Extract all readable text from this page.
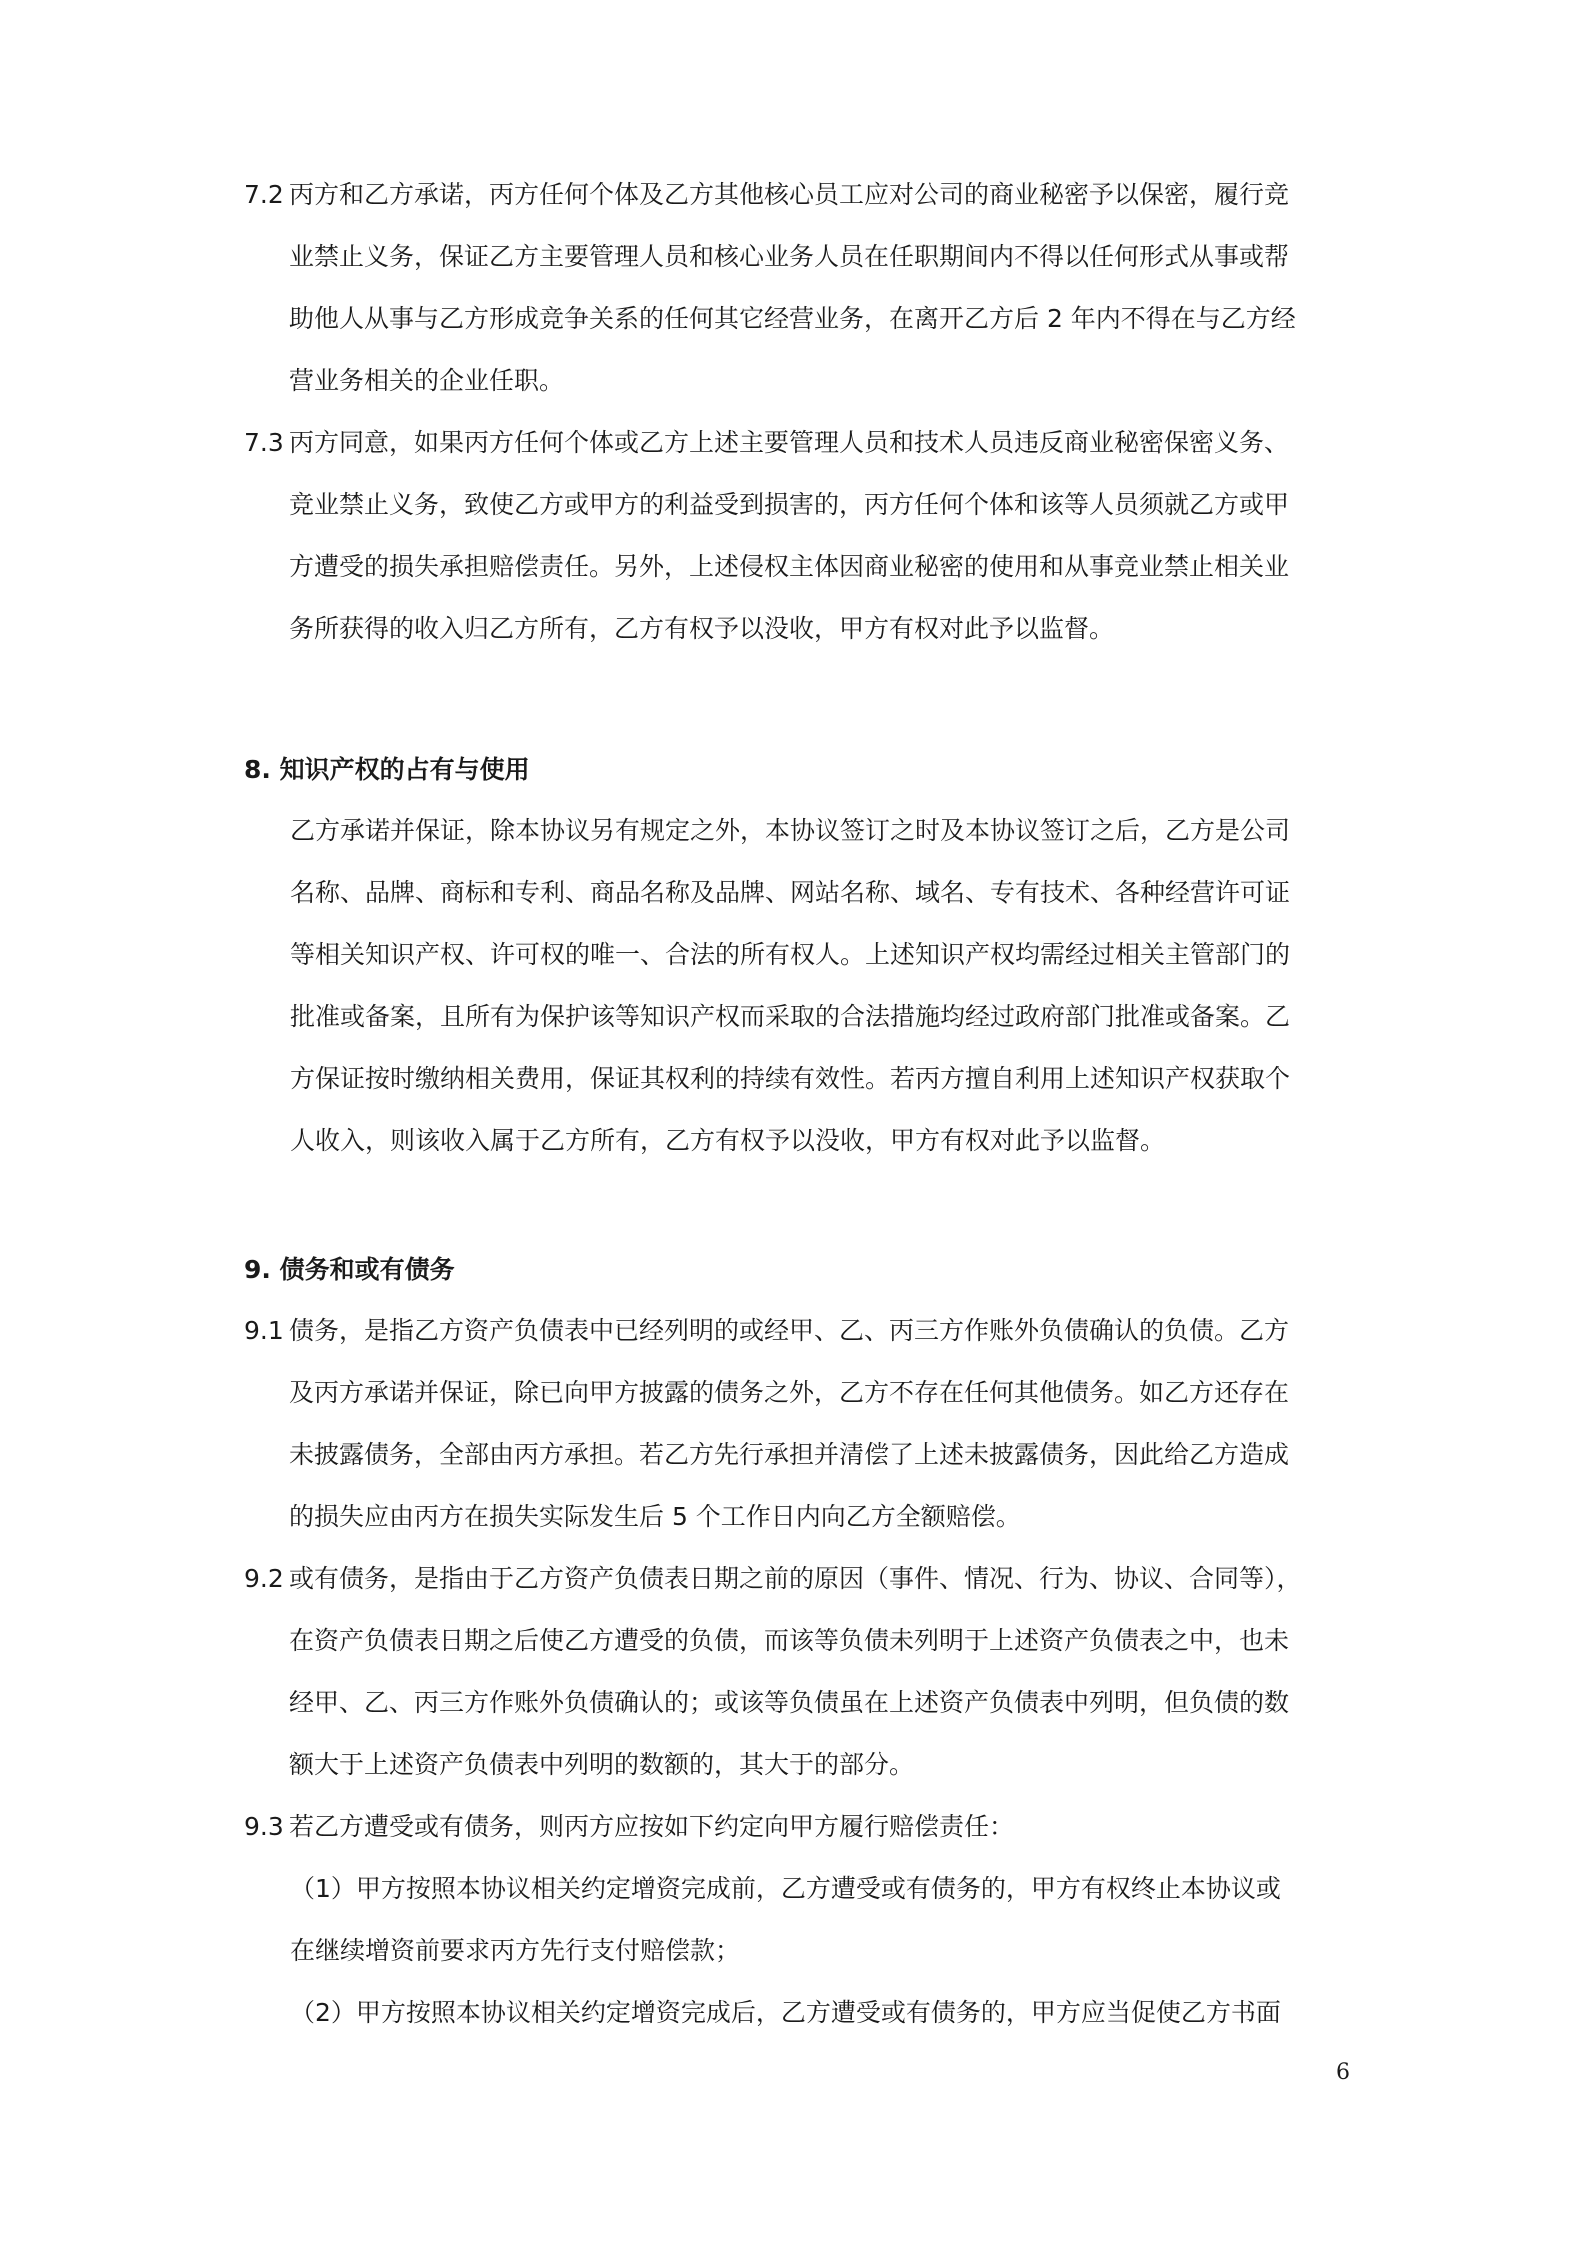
7.2 丙方和乙方承诺，丙方任何个体及乙方其他核心员工应对公司的商业秘密予以保密，履行竞
业禁止义务，保证乙方主要管理人员和核心业务人员在任职期间内不得以任何形式从事或帮
助他人从事与乙方形成竞争关系的任何其它经营业务，在离开乙方后 2 年内不得在与乙方经
营业务相关的企业任职。
7.3 丙方同意，如果丙方任何个体或乙方上述主要管理人员和技术人员违反商业秘密保密义务、
竞业禁止义务，致使乙方或甲方的利益受到损害的，丙方任何个体和该等人员须就乙方或甲
方遭受的损失承担赔偿责任。另外，上述侵权主体因商业秘密的使用和从事竞业禁止相关业
务所获得的收入归乙方所有，乙方有权予以没收，甲方有权对此予以监督。
8. 知识产权的占有与使用
乙方承诺并保证，除本协议另有规定之外，本协议签订之时及本协议签订之后，乙方是公司
名称、品牌、商标和专利、商品名称及品牌、网站名称、域名、专有技术、各种经营许可证
等相关知识产权、许可权的唯一、合法的所有权人。上述知识产权均需经过相关主管部门的
批准或备案，且所有为保护该等知识产权而采取的合法措施均经过政府部门批准或备案。乙
方保证按时缴纳相关费用，保证其权利的持续有效性。若丙方擅自利用上述知识产权获取个
人收入，则该收入属于乙方所有，乙方有权予以没收，甲方有权对此予以监督。
9. 债务和或有债务
9.1 债务，是指乙方资产负债表中已经列明的或经甲、乙、丙三方作账外负债确认的负债。乙方
及丙方承诺并保证，除已向甲方披露的债务之外，乙方不存在任何其他债务。如乙方还存在
未披露债务，全部由丙方承担。若乙方先行承担并清偿了上述未披露债务，因此给乙方造成
的损失应由丙方在损失实际发生后 5 个工作日内向乙方全额赔偿。
9.2 或有债务，是指由于乙方资产负债表日期之前的原因（事件、情况、行为、协议、合同等），
在资产负债表日期之后使乙方遭受的负债，而该等负债未列明于上述资产负债表之中，也未
经甲、乙、丙三方作账外负债确认的；或该等负债虽在上述资产负债表中列明，但负债的数
额大于上述资产负债表中列明的数额的，其大于的部分。
9.3 若乙方遭受或有债务，则丙方应按如下约定向甲方履行赔偿责任：
（1）甲方按照本协议相关约定增资完成前，乙方遭受或有债务的，甲方有权终止本协议或
在继续增资前要求丙方先行支付赔偿款；
（2）甲方按照本协议相关约定增资完成后，乙方遭受或有债务的，甲方应当促使乙方书面
6
